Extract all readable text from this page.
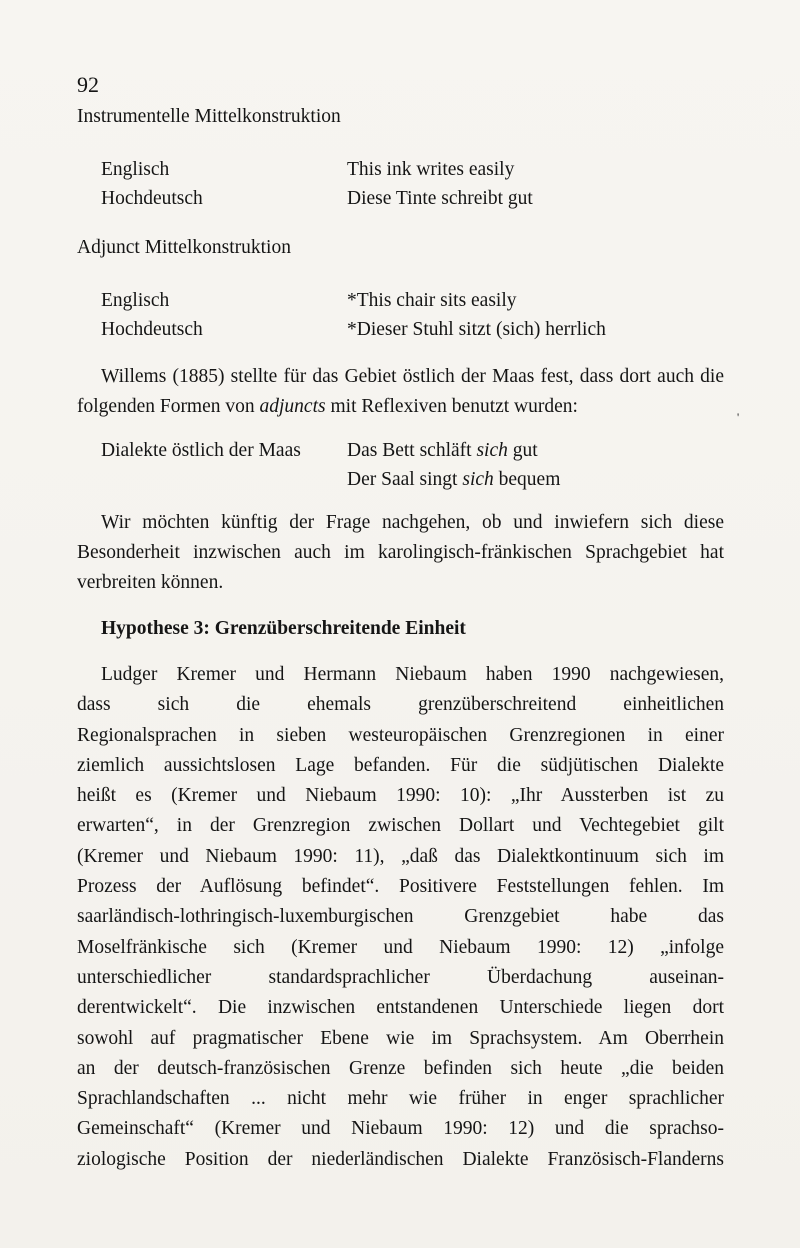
92
Instrumentelle Mittelkonstruktion
Englisch	This ink writes easily
Hochdeutsch	Diese Tinte schreibt gut
Adjunct Mittelkonstruktion
Englisch	*This chair sits easily
Hochdeutsch	*Dieser Stuhl sitzt (sich) herrlich

Willems (1885) stellte für das Gebiet östlich der Maas fest, dass dort auch die folgenden Formen von adjuncts mit Reflexiven benutzt wurden:

Dialekte östlich der Maas	Das Bett schläft sich gut
Der Saal singt sich bequem

Wir möchten künftig der Frage nachgehen, ob und inwiefern sich diese Besonderheit inzwischen auch im karolingisch-fränkischen Sprachgebiet hat verbreiten können.

Hypothese 3: Grenzüberschreitende Einheit

Ludger Kremer und Hermann Niebaum haben 1990 nachgewiesen,

dass sich die ehemals grenzüberschreitend einheitlichen

Regionalsprachen in sieben westeuropäischen Grenzregionen in einer

ziemlich aussichtslosen Lage befanden. Für die südjütischen Dialekte

heißt es (Kremer und Niebaum 1990: 10): „Ihr Aussterben ist zu

erwarten“, in der Grenzregion zwischen Dollart und Vechtegebiet gilt

(Kremer und Niebaum 1990: 11), „daß das Dialektkontinuum sich im

Prozess der Auflösung befindet“. Positivere Feststellungen fehlen. Im

saarländisch-lothringisch-luxemburgischen Grenzgebiet habe das

Moselfränkische sich (Kremer und Niebaum 1990: 12) „infolge

unterschiedlicher standardsprachlicher Überdachung auseinan-

derentwickelt“. Die inzwischen entstandenen Unterschiede liegen dort

sowohl auf pragmatischer Ebene wie im Sprachsystem. Am Oberrhein

an der deutsch-französischen Grenze befinden sich heute „die beiden

Sprachlandschaften ... nicht mehr wie früher in enger sprachlicher

Gemeinschaft“ (Kremer und Niebaum 1990: 12) und die sprachso-

ziologische Position der niederländischen Dialekte Französisch-Flanderns

'
